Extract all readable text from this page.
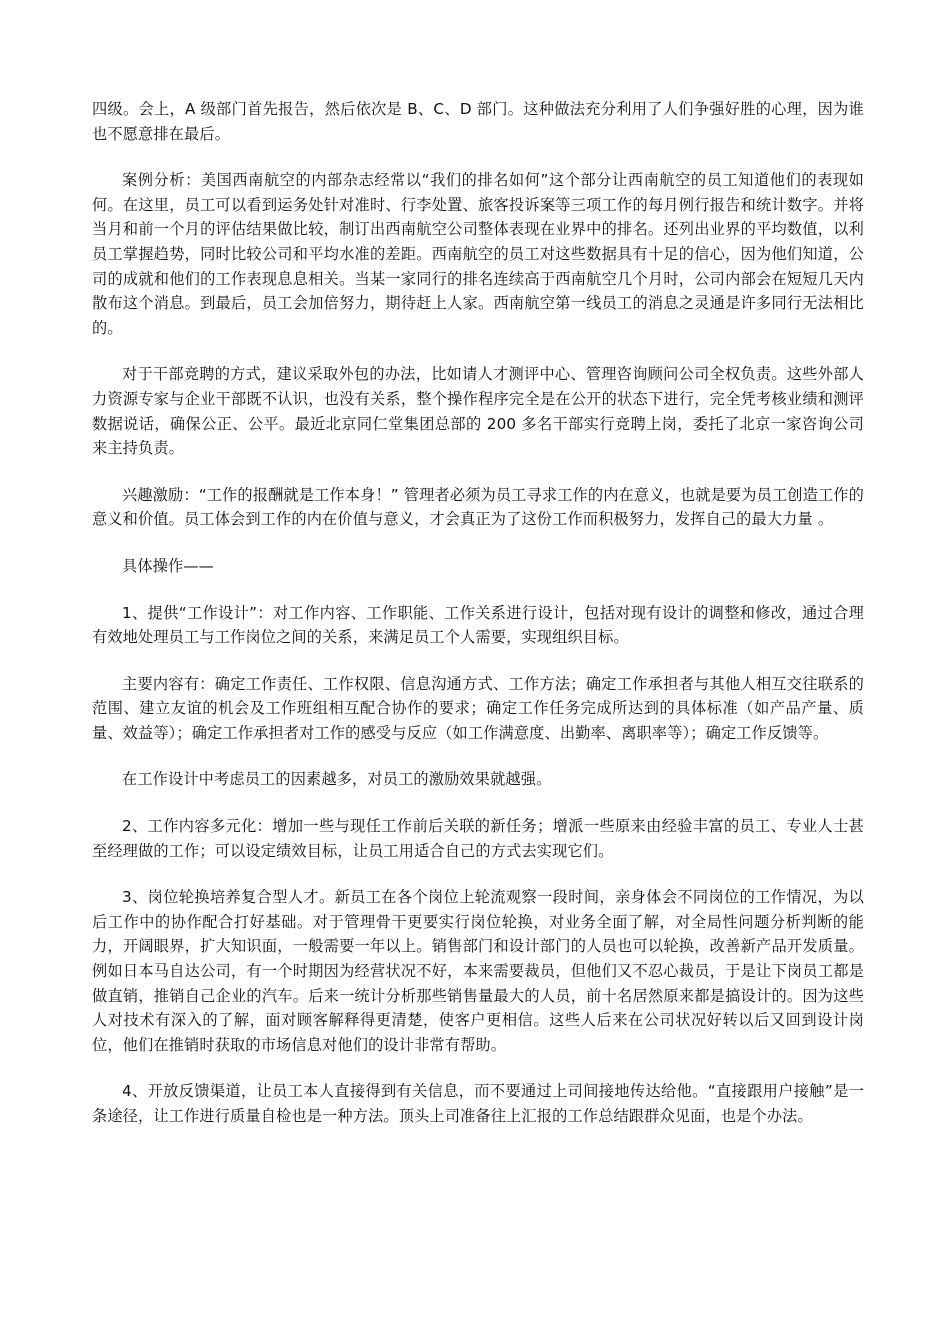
四级。会上，A 级部门首先报告，然后依次是 B、C、D 部门。这种做法充分利用了人们争强好胜的心理，因为谁也不愿意排在最后。

案例分析：美国西南航空的内部杂志经常以“我们的排名如何”这个部分让西南航空的员工知道他们的表现如何。在这里，员工可以看到运务处针对准时、行李处置、旅客投诉案等三项工作的每月例行报告和统计数字。并将当月和前一个月的评估结果做比较，制订出西南航空公司整体表现在业界中的排名。还列出业界的平均数值，以利员工掌握趋势，同时比较公司和平均水准的差距。西南航空的员工对这些数据具有十足的信心，因为他们知道，公司的成就和他们的工作表现息息相关。当某一家同行的排名连续高于西南航空几个月时，公司内部会在短短几天内散布这个消息。到最后，员工会加倍努力，期待赶上人家。西南航空第一线员工的消息之灵通是许多同行无法相比的。

对于干部竞聘的方式，建议采取外包的办法，比如请人才测评中心、管理咨询顾问公司全权负责。这些外部人力资源专家与企业干部既不认识，也没有关系，整个操作程序完全是在公开的状态下进行，完全凭考核业绩和测评数据说话，确保公正、公平。最近北京同仁堂集团总部的 200 多名干部实行竞聘上岗，委托了北京一家咨询公司来主持负责。

兴趣激励：“工作的报酬就是工作本身！” 管理者必须为员工寻求工作的内在意义，也就是要为员工创造工作的意义和价值。员工体会到工作的内在价值与意义，才会真正为了这份工作而积极努力，发挥自己的最大力量 。

具体操作——

1、提供“工作设计”：对工作内容、工作职能、工作关系进行设计，包括对现有设计的调整和修改，通过合理有效地处理员工与工作岗位之间的关系，来满足员工个人需要，实现组织目标。

主要内容有：确定工作责任、工作权限、信息沟通方式、工作方法；确定工作承担者与其他人相互交往联系的范围、建立友谊的机会及工作班组相互配合协作的要求；确定工作任务完成所达到的具体标准（如产品产量、质量、效益等）；确定工作承担者对工作的感受与反应（如工作满意度、出勤率、离职率等）；确定工作反馈等。

在工作设计中考虑员工的因素越多，对员工的激励效果就越强。

2、工作内容多元化：增加一些与现任工作前后关联的新任务；增派一些原来由经验丰富的员工、专业人士甚至经理做的工作；可以设定绩效目标，让员工用适合自己的方式去实现它们。

3、岗位轮换培养复合型人才。新员工在各个岗位上轮流观察一段时间，亲身体会不同岗位的工作情况，为以后工作中的协作配合打好基础。对于管理骨干更要实行岗位轮换，对业务全面了解，对全局性问题分析判断的能力，开阔眼界，扩大知识面，一般需要一年以上。销售部门和设计部门的人员也可以轮换，改善新产品开发质量。例如日本马自达公司，有一个时期因为经营状况不好，本来需要裁员，但他们又不忍心裁员，于是让下岗员工都是做直销，推销自己企业的汽车。后来一统计分析那些销售量最大的人员，前十名居然原来都是搞设计的。因为这些人对技术有深入的了解，面对顾客解释得更清楚，使客户更相信。这些人后来在公司状况好转以后又回到设计岗位，他们在推销时获取的市场信息对他们的设计非常有帮助。

4、开放反馈渠道，让员工本人直接得到有关信息，而不要通过上司间接地传达给他。“直接跟用户接触”是一条途径，让工作进行质量自检也是一种方法。顶头上司准备往上汇报的工作总结跟群众见面，也是个办法。
